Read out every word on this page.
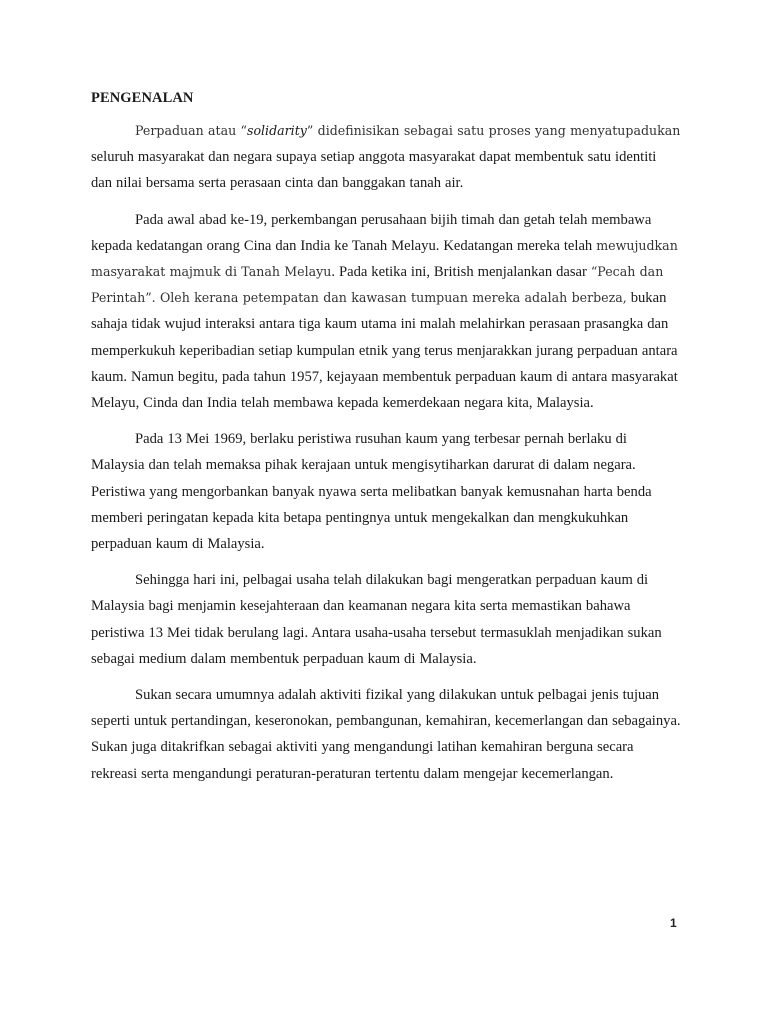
PENGENALAN

Perpaduan atau “solidarity” didefinisikan sebagai satu proses yang menyatupadukan seluruh masyarakat dan negara supaya setiap anggota masyarakat dapat membentuk satu identiti dan nilai bersama serta perasaan cinta dan banggakan tanah air.

Pada awal abad ke-19, perkembangan perusahaan bijih timah dan getah telah membawa kepada kedatangan orang Cina dan India ke Tanah Melayu. Kedatangan mereka telah mewujudkan masyarakat majmuk di Tanah Melayu. Pada ketika ini, British menjalankan dasar “Pecah dan Perintah”. Oleh kerana petempatan dan kawasan tumpuan mereka adalah berbeza, bukan sahaja tidak wujud interaksi antara tiga kaum utama ini malah melahirkan perasaan prasangka dan memperkukuh keperibadian setiap kumpulan etnik yang terus menjarakkan jurang perpaduan antara kaum. Namun begitu, pada tahun 1957, kejayaan membentuk perpaduan kaum di antara masyarakat Melayu, Cinda dan India telah membawa kepada kemerdekaan negara kita, Malaysia.

Pada 13 Mei 1969, berlaku peristiwa rusuhan kaum yang terbesar pernah berlaku di Malaysia dan telah memaksa pihak kerajaan untuk mengisytiharkan darurat di dalam negara. Peristiwa yang mengorbankan banyak nyawa serta melibatkan banyak kemusnahan harta benda memberi peringatan kepada kita betapa pentingnya untuk mengekalkan dan mengkukuhkan perpaduan kaum di Malaysia.

Sehingga hari ini, pelbagai usaha telah dilakukan bagi mengeratkan perpaduan kaum di Malaysia bagi menjamin kesejahteraan dan keamanan negara kita serta memastikan bahawa peristiwa 13 Mei tidak berulang lagi. Antara usaha-usaha tersebut termasuklah menjadikan sukan sebagai medium dalam membentuk perpaduan kaum di Malaysia.

Sukan secara umumnya adalah aktiviti fizikal yang dilakukan untuk pelbagai jenis tujuan seperti untuk pertandingan, keseronokan, pembangunan, kemahiran, kecemerlangan dan sebagainya. Sukan juga ditakrifkan sebagai aktiviti yang mengandungi latihan kemahiran berguna secara rekreasi serta mengandungi peraturan-peraturan tertentu dalam mengejar kecemerlangan.

1
